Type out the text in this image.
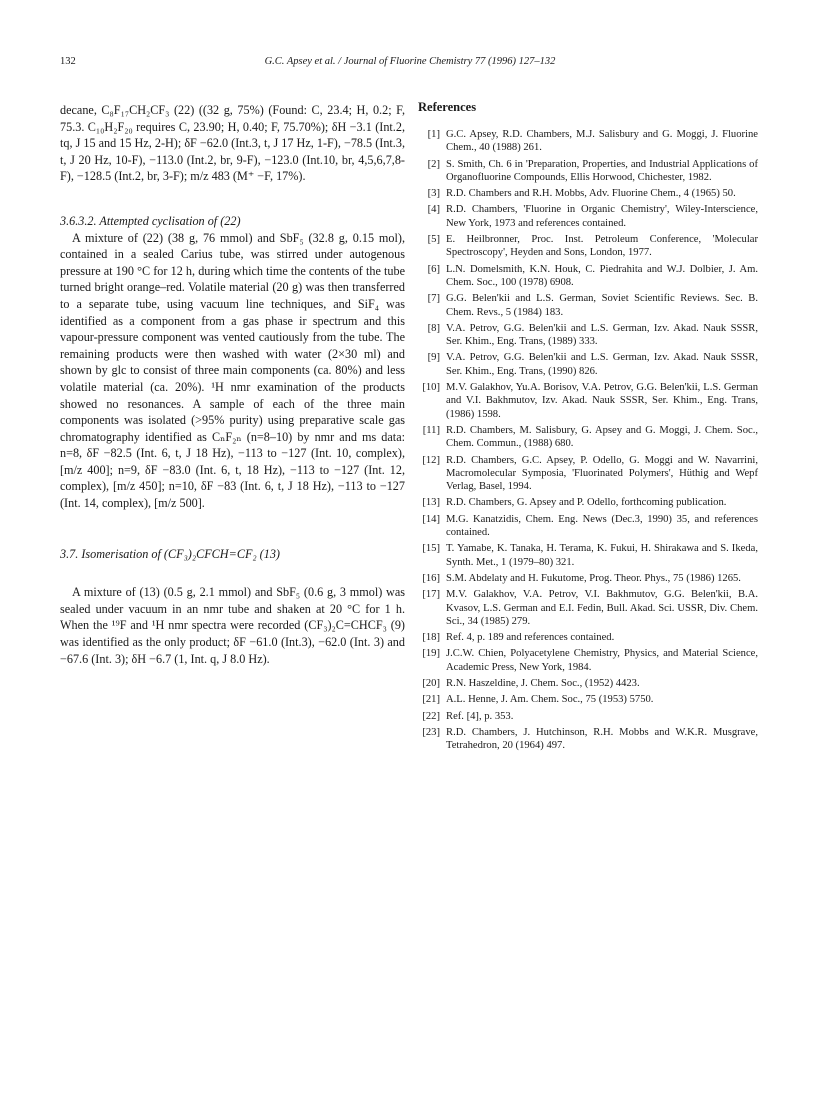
132	G.C. Apsey et al. / Journal of Fluorine Chemistry 77 (1996) 127–132

decane, C₈F₁₇CH₂CF₃ (22) ((32 g, 75%) (Found: C, 23.4; H, 0.2; F, 75.3. C₁₀H₂F₂₀ requires C, 23.90; H, 0.40; F, 75.70%); δH −3.1 (Int.2, tq, J 15 and 15 Hz, 2-H); δF −62.0 (Int.3, t, J 17 Hz, 1-F), −78.5 (Int.3, t, J 20 Hz, 10-F), −113.0 (Int.2, br, 9-F), −123.0 (Int.10, br, 4,5,6,7,8-F), −128.5 (Int.2, br, 3-F); m/z 483 (M⁺ −F, 17%).

3.6.3.2. Attempted cyclisation of (22)

A mixture of (22) (38 g, 76 mmol) and SbF₅ (32.8 g, 0.15 mol), contained in a sealed Carius tube, was stirred under autogenous pressure at 190 °C for 12 h, during which time the contents of the tube turned bright orange–red. Volatile material (20 g) was then transferred to a separate tube, using vacuum line techniques, and SiF₄ was identified as a component from a gas phase ir spectrum and this vapour-pressure component was vented cautiously from the tube. The remaining products were then washed with water (2×30 ml) and shown by glc to consist of three main components (ca. 80%) and less volatile material (ca. 20%). ¹H nmr examination of the products showed no resonances. A sample of each of the three main components was isolated (>95% purity) using preparative scale gas chromatography identified as CₙF₂ₙ (n=8–10) by nmr and ms data: n=8, δF −82.5 (Int. 6, t, J 18 Hz), −113 to −127 (Int. 10, complex), [m/z 400]; n=9, δF −83.0 (Int. 6, t, 18 Hz), −113 to −127 (Int. 12, complex), [m/z 450]; n=10, δF −83 (Int. 6, t, J 18 Hz), −113 to −127 (Int. 14, complex), [m/z 500].

3.7. Isomerisation of (CF₃)₂CFCH=CF₂ (13)

A mixture of (13) (0.5 g, 2.1 mmol) and SbF₅ (0.6 g, 3 mmol) was sealed under vacuum in an nmr tube and shaken at 20 °C for 1 h. When the ¹⁹F and ¹H nmr spectra were recorded (CF₃)₂C=CHCF₃ (9) was identified as the only product; δF −61.0 (Int.3), −62.0 (Int. 3) and −67.6 (Int. 3); δH −6.7 (1, Int. q, J 8.0 Hz).

References
[1] G.C. Apsey, R.D. Chambers, M.J. Salisbury and G. Moggi, J. Fluorine Chem., 40 (1988) 261.
[2] S. Smith, Ch. 6 in 'Preparation, Properties, and Industrial Applications of Organofluorine Compounds, Ellis Horwood, Chichester, 1982.
[3] R.D. Chambers and R.H. Mobbs, Adv. Fluorine Chem., 4 (1965) 50.
[4] R.D. Chambers, 'Fluorine in Organic Chemistry', Wiley-Interscience, New York, 1973 and references contained.
[5] E. Heilbronner, Proc. Inst. Petroleum Conference, 'Molecular Spectroscopy', Heyden and Sons, London, 1977.
[6] L.N. Domelsmith, K.N. Houk, C. Piedrahita and W.J. Dolbier, J. Am. Chem. Soc., 100 (1978) 6908.
[7] G.G. Belen'kii and L.S. German, Soviet Scientific Reviews. Sec. B. Chem. Revs., 5 (1984) 183.
[8] V.A. Petrov, G.G. Belen'kii and L.S. German, Izv. Akad. Nauk SSSR, Ser. Khim., Eng. Trans, (1989) 333.
[9] V.A. Petrov, G.G. Belen'kii and L.S. German, Izv. Akad. Nauk SSSR, Ser. Khim., Eng. Trans, (1990) 826.
[10] M.V. Galakhov, Yu.A. Borisov, V.A. Petrov, G.G. Belen'kii, L.S. German and V.I. Bakhmutov, Izv. Akad. Nauk SSSR, Ser. Khim., Eng. Trans, (1986) 1598.
[11] R.D. Chambers, M. Salisbury, G. Apsey and G. Moggi, J. Chem. Soc., Chem. Commun., (1988) 680.
[12] R.D. Chambers, G.C. Apsey, P. Odello, G. Moggi and W. Navarrini, Macromolecular Symposia, 'Fluorinated Polymers', Hüthig and Wepf Verlag, Basel, 1994.
[13] R.D. Chambers, G. Apsey and P. Odello, forthcoming publication.
[14] M.G. Kanatzidis, Chem. Eng. News (Dec.3, 1990) 35, and references contained.
[15] T. Yamabe, K. Tanaka, H. Terama, K. Fukui, H. Shirakawa and S. Ikeda, Synth. Met., 1 (1979–80) 321.
[16] S.M. Abdelaty and H. Fukutome, Prog. Theor. Phys., 75 (1986) 1265.
[17] M.V. Galakhov, V.A. Petrov, V.I. Bakhmutov, G.G. Belen'kii, B.A. Kvasov, L.S. German and E.I. Fedin, Bull. Akad. Sci. USSR, Div. Chem. Sci., 34 (1985) 279.
[18] Ref. 4, p. 189 and references contained.
[19] J.C.W. Chien, Polyacetylene Chemistry, Physics, and Material Science, Academic Press, New York, 1984.
[20] R.N. Haszeldine, J. Chem. Soc., (1952) 4423.
[21] A.L. Henne, J. Am. Chem. Soc., 75 (1953) 5750.
[22] Ref. [4], p. 353.
[23] R.D. Chambers, J. Hutchinson, R.H. Mobbs and W.K.R. Musgrave, Tetrahedron, 20 (1964) 497.
